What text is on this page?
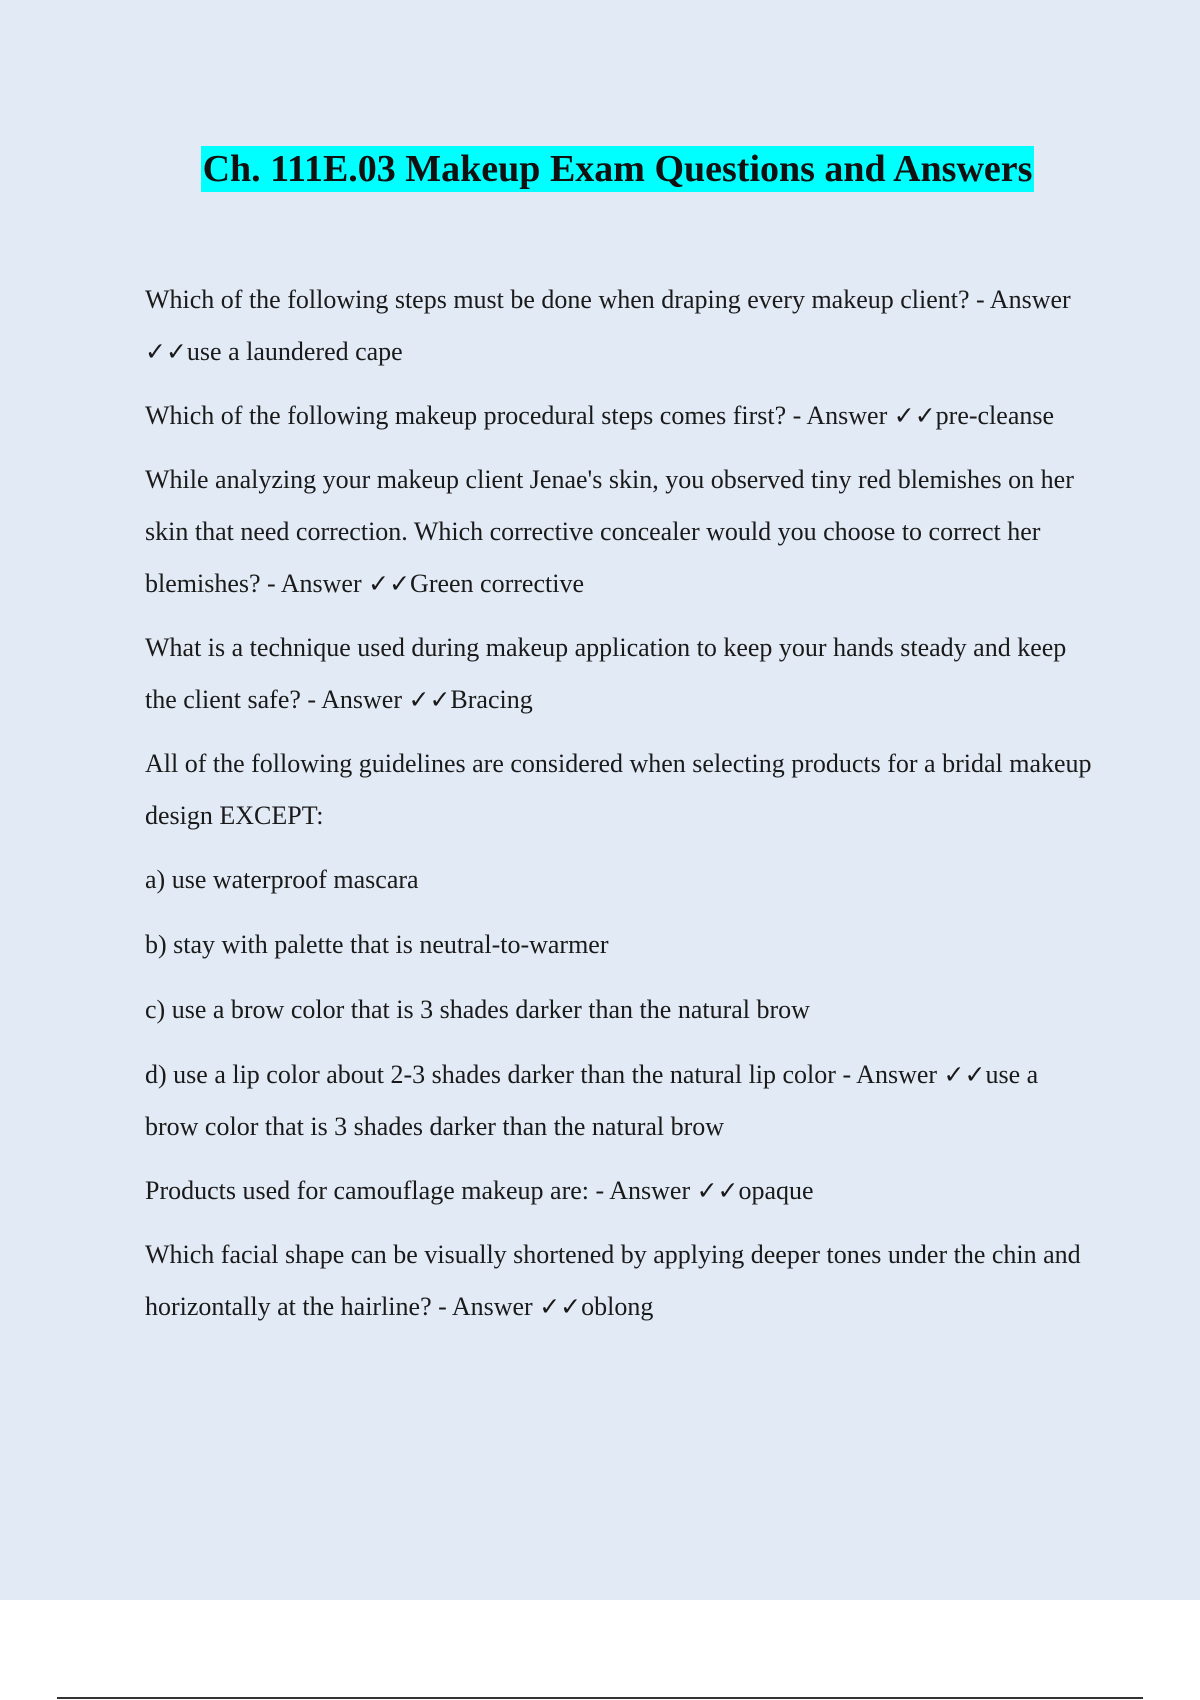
Ch. 111E.03 Makeup Exam Questions and Answers

Which of the following steps must be done when draping every makeup client? - Answer ✓✓use a laundered cape

Which of the following makeup procedural steps comes first? - Answer ✓✓pre-cleanse

While analyzing your makeup client Jenae's skin, you observed tiny red blemishes on her skin that need correction. Which corrective concealer would you choose to correct her blemishes? - Answer ✓✓Green corrective

What is a technique used during makeup application to keep your hands steady and keep the client safe? - Answer ✓✓Bracing

All of the following guidelines are considered when selecting products for a bridal makeup design EXCEPT:

a) use waterproof mascara

b) stay with palette that is neutral-to-warmer

c) use a brow color that is 3 shades darker than the natural brow

d) use a lip color about 2-3 shades darker than the natural lip color - Answer ✓✓use a brow color that is 3 shades darker than the natural brow

Products used for camouflage makeup are: - Answer ✓✓opaque

Which facial shape can be visually shortened by applying deeper tones under the chin and horizontally at the hairline? - Answer ✓✓oblong
